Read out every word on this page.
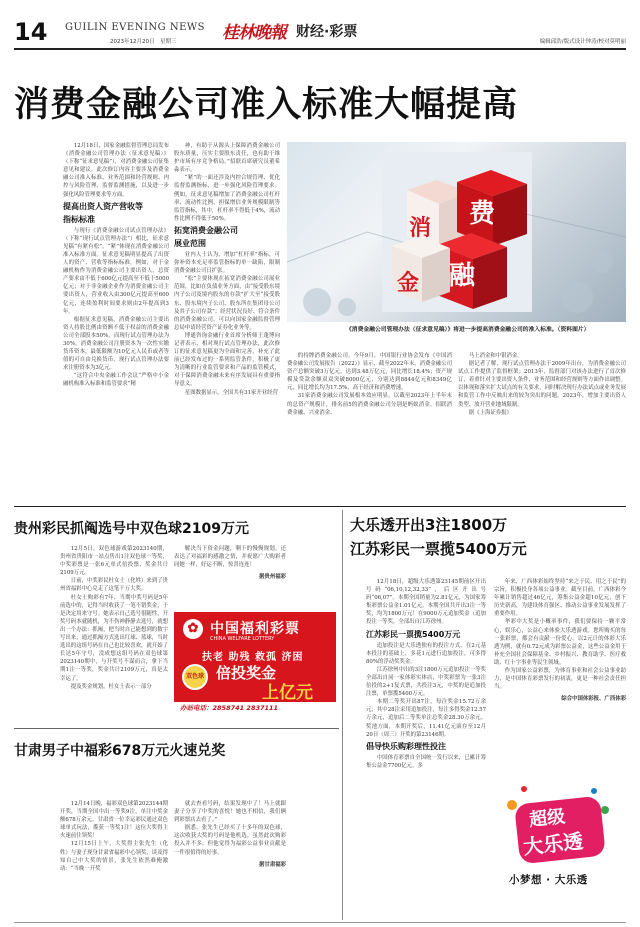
14 GUILIN EVENING NEWS
2023年12月20日　星期三	桂林晚報 财经·彩票
编辑邱浩/版式设计钟涛/校对莫明丽
消费金融公司准入标准大幅提高

12月18日，国家金融监督管理总局发布《消费金融公司管理办法（征求意见稿）》（下称“征求意见稿”），对消费金融公司征集意见和建议。此次修订内容主要涉及消费金融公司准入标准、业务范围和经营规则、内控与风险管理、监督监测措施，以及进一步强化风险管理要求等方面。

提高出资人资产营收等

指标标准

与现行《消费金融公司试点管理办法》（下称“现行试点管理办法”）相比，征求意见稿“有紧有松”。“紧”体现在消费金融公司准入标准方面。征求意见稿明显提高了出资人的资产、营收等指标标准。例如，对于金融机构作为消费金融公司主要出资人，总资产要求由不低于600亿元提高至不低于5000亿元；对于非金融企业作为消费金融公司主要出资人，营业收入由300亿元提高至600亿元，连续盈利时间要求则由2年提高到3年。

根据征求意见稿，消费金融公司主要出资人持股比例由资额不低于权益的消费金融公司全部股本50%，而现行试点管理办法为30%。消费金融公司注册资本为一次性实缴货币资本，最低限额为10亿元人民币或者等值的可自由兑换货币，现行试点管理办法要求注册资本为3亿元。

“这符合中央金融工作会议“严格中小金融机构准入标准和监管要求”精

神，有助于从源头上保障消费金融公司股东质量，压实主要股东责任，也有助于维护市场有序竞争格局。”招联首席研究员董希淼表示。

“紧”的一面还涉及内控合规管理、优化监督监测指标，进一步强化风险管理要求。例如，征求意见稿增加了消费金融公司杠杆率、流动性比例、担保增信业务规模限制等监管指标，其中，杠杆率不得低于4%，流动性比例不得低于50%。

拓宽消费金融公司

展业范围

业内人士认为，增加“杠杆率”指标，可弥补资本充足率监管指标的单一缺陷，限制消费金融公司日扩张。

“松”主要体现在拓宽消费金融公司展业范围，比如在负债业务方面，由“接受股东境内子公司及境内股东的存款”扩大至“接受股东、股东境内子公司、股东所在集团母公司及其子公司存款”；经营状况良好、符合条件的消费金融公司，可以向国家金融监督管理总局申请经营资产证券化业务等。

博通咨询金融行业首席分析师王蓬博向记者表示，相对现行试点管理办法，此次修订的征求意见稿更为全面和完善，补充了此前已经发布过的一系列监管条件，积极了更为清晰的行业监管要求和产品的监管模式，对于保障消费金融未来有序发展具有重要指导意义。

星图数据显示，全国共有31家开业经营

消 费
金 融
《消费金融公司管理办法（征求意见稿）》将进一步提高消费金融公司的准入标准。（资料图片）

的持牌消费金融公司。今年9月，中国银行业协会发布《中国消费金融公司发展报告（2022）》显示，截至2022年末，消费金融公司资产总额突破3万亿元，达到3.48万亿元，同比增长18.4%；资产规模及贷款余额双双突破8000亿元，分别达到8844亿元和8349亿元，同比增长均为17.5%，高于经济和消费增速。

31家消费金融公司发展根本效应明显。以截至2023年上半年末的总资产规模计，排名前5的消费金融公司分别是蚂蚁消金、招联消费金融、兴业消金、

马上消金和中银消金。

据记者了解，现行试点管理办法于2009年出台，为消费金融公司试点工作提供了监督框架；2013年，监督部门对该办法进行了首次修订，着重针对主要出资人条件、业务范围和经营规则等方面作出调整。以体现和落实扩大试点的有关要求，同时解决现行办法试点或业务发展和监管工作中反映出来的较为突出的问题。2023年，增加主要出资人类型、放开营业地域限制。

据《上海证券报》

贵州彩民抓阄选号中双色球2109万元

12月5日，双色球游戏第2023140期，贵州省贵阳市一站点售出1注双色球一等奖，中奖彩票是一张6元单式倍投票，奖金共计2109万元。

日前，中奖彩民杜女士（化姓）来到了贵州省福彩中心兑走了这笔千万大奖。

杜女士购彩有7年，当期中奖号码是5年前选中的，记得当时收获了一笔不错奖金，于是决定用来守号。她表示自己选号很随性，开奖号码本就随机，为不伤神静静去选号，就想出一个办法：抓阄，把当时自己能想到的数字写出来，通过抓阄方式选出红球、蓝球，当时选出的这组号码在自己也比较喜欢，就开始了长达5年守号，没成想这组号码在双色球第2023140期中，与开奖号不谋而合，拿下当期1注一等奖，奖金共计2109万元，真是太幸运了。

提及奖金规划，杜女士表示一部分

解决当下资金问题，剩下的慢慢规划。还表达了对福彩的感激之情，并祝愿广大购彩者同她一样，好运不断，惊喜连连！

据贵州福彩

✿ 中国福利彩票
CHINA WELFARE LOTTERY
扶老 助残 救孤 济困
双色球 倍投奖金
上亿元
办站电话：2858741 2837111
甘肃男子中福彩678万元火速兑奖

12月14日晚，福彩双色球第2023144期开奖，当期全国中出一等奖9注，单注中奖金额678万余元。甘肃省一位幸运彩民通过双色球单式玩法，揽获一等奖1注！这位大奖得主火速前往领奖！

12月15日上午，大奖得主张先生（化姓）与妻子现身甘肃省福彩中心领奖，谈及得知自己中大奖的情景，张先生依然难掩激动：“当晚一开奖

就去查看号码，结果发现中了！马上就跟妻子分享了中奖的喜悦！她也不相信，我们俩到彩票店去看了。”

据悉，张先生已经买了十多年的双色球，这次收获大奖的号码是他机选。虽然此次购彩投入并不多，但他觉得为福彩公益事业贡献是一件很值得的好事。

据甘肃福彩

大乐透开出3注1800万
江苏彩民一票揽5400万元

12月18日，超级大乐透第23145期前区开出号码“06,10,12,32,33”，后区开出号码“06,07”。本期全国销量为2.81亿元，为国家筹集彩票公益金1.01亿元。本期全国共开出3注一等奖，均为1800万元！在9000万元追加奖金（追加投注一等奖，全部出自江苏徐州。

江苏彩民一票揽5400万元

追加投注是大乐透独有的投注方式，在2元基本投注的基础上，多花1元进行追加投注，可多得80%的浮动奖奖金。

江苏徐州中出的3注1800万元追加投注一等奖全部出自同一家体彩实体店，中奖彩票为一张3注倍投的2+1复式票，共投注3元，中奖的是追加投注票，单票揽5400万元。

本期二等奖开出87注，每注奖金15.72万余元；其中28注采用追加投注，每注多得奖金12.57万余元，追加后二等奖单注总奖金28.30万余元。奖池方面，本期开奖后，11.41亿元滚存至12月20日（周三）开奖的第23146期。

倡导快乐购彩理性投注

中国体育彩票自全国统一发行以来，已累计筹集公益金7700亿元，多

年来，广西体彩始终坚持“来之于民、用之于民”的宗旨，积极投身各项公益事业。截至目前，广西体彩今年累计销售超过46亿元，筹集公益金超10亿元，创下历史新高，为建设体育强区、推动公益事业发展发挥了重要作用。

华彩中大奖是小概率事件，我们要保持一颗平常心，娱乐心，公益心来体验大乐透游戏。您所购买的每一张彩票，都会有贡献一份爱心。以2元计的体彩大乐透为例，就有0.72元成为彩票公益金，这些公益金用于补充全国社会保障基金、乡村振兴、教育助学、医疗救助、红十字事业等民生领域。

作为国家公益彩票，为体育事业和社会公益事业助力，是中国体育彩票发行的初衷，更是一种社会责任担当。

综合中国体彩报、广西体彩

超级
大乐透
小梦想 · 大乐透
